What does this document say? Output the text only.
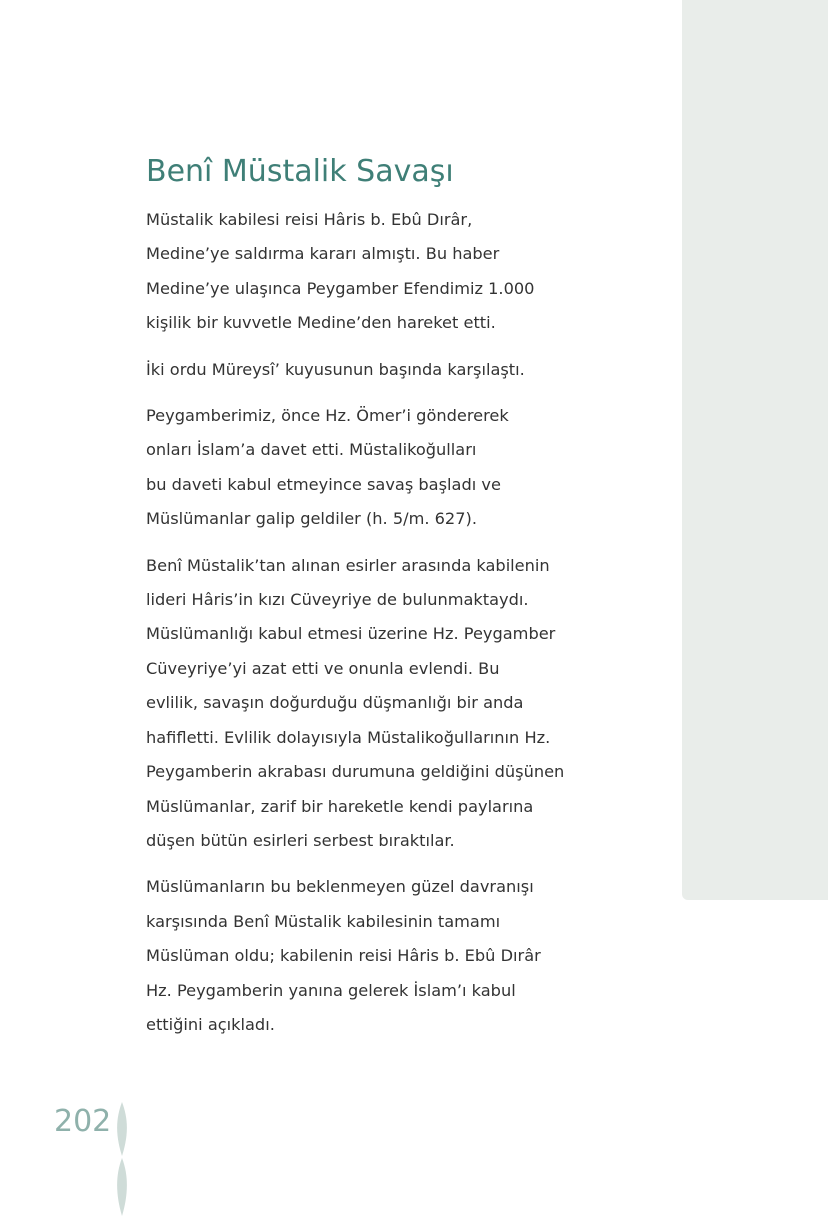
Benî Müstalik Savaşı
Müstalik kabilesi reisi Hâris b. Ebû Dırâr,
Medine’ye saldırma kararı almıştı. Bu haber
Medine’ye ulaşınca Peygamber Efendimiz 1.000
kişilik bir kuvvetle Medine’den hareket etti.
İki ordu Müreysî’ kuyusunun başında karşılaştı.
Peygamberimiz, önce Hz. Ömer’i göndererek
onları İslam’a davet etti. Müstalikoğulları
bu daveti kabul etmeyince savaş başladı ve
Müslümanlar galip geldiler (h. 5/m. 627).
Benî Müstalik’tan alınan esirler arasında kabilenin
lideri Hâris’in kızı Cüveyriye de bulunmaktaydı.
Müslümanlığı kabul etmesi üzerine Hz. Peygamber
Cüveyriye’yi azat etti ve onunla evlendi. Bu
evlilik, savaşın doğurduğu düşmanlığı bir anda
hafifletti. Evlilik dolayısıyla Müstalikoğullarının Hz.
Peygamberin akrabası durumuna geldiğini düşünen
Müslümanlar, zarif bir hareketle kendi paylarına
düşen bütün esirleri serbest bıraktılar.
Müslümanların bu beklenmeyen güzel davranışı
karşısında Benî Müstalik kabilesinin tamamı
Müslüman oldu; kabilenin reisi Hâris b. Ebû Dırâr
Hz. Peygamberin yanına gelerek İslam’ı kabul
ettiğini açıkladı.
202
